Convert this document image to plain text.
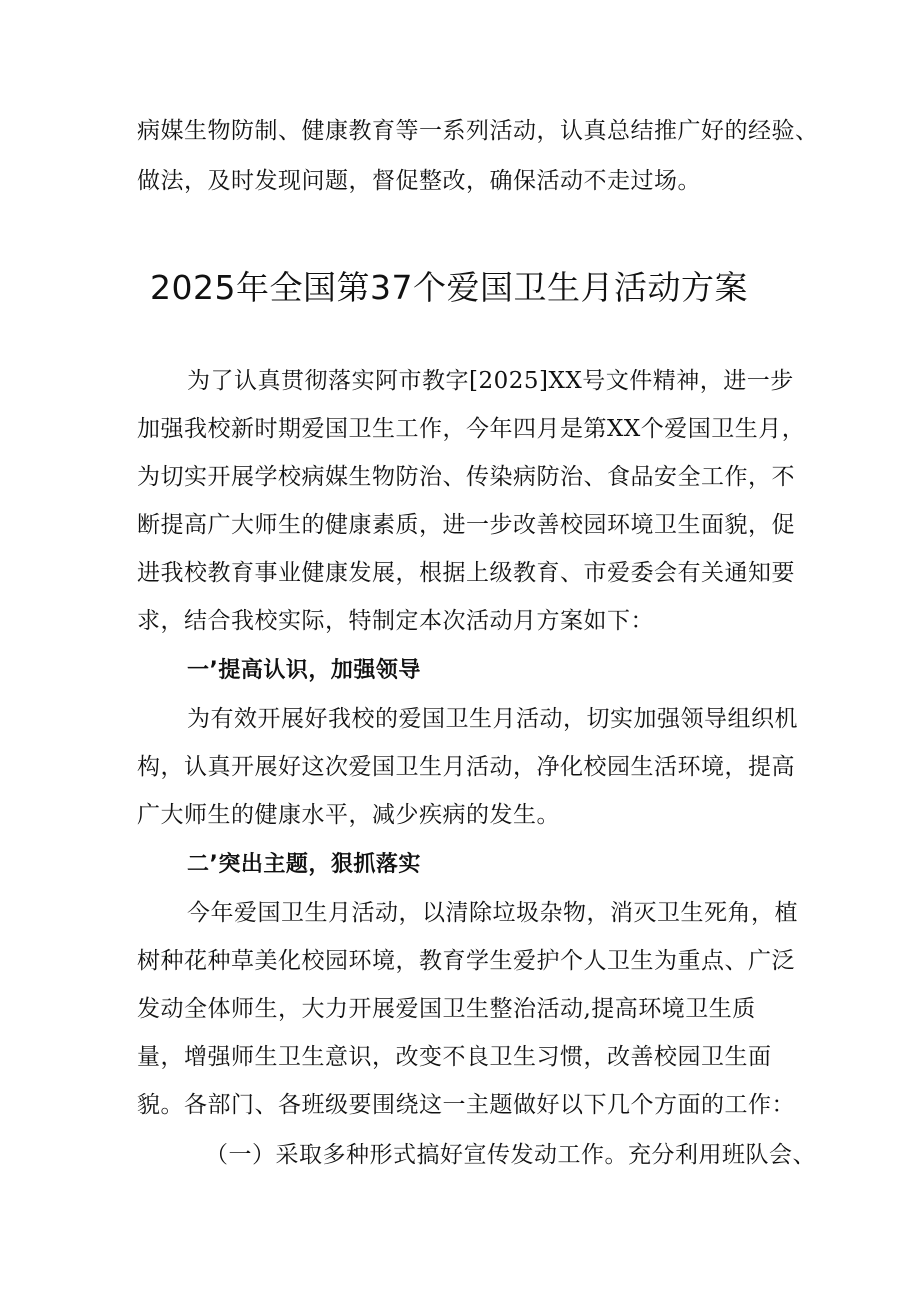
病媒生物防制、健康教育等一系列活动，认真总结推广好的经验、
做法，及时发现问题，督促整改，确保活动不走过场。
2025年全国第37个爱国卫生月活动方案
为了认真贯彻落实阿市教字[2025]XX号文件精神，进一步
加强我校新时期爱国卫生工作，今年四月是第XX个爱国卫生月，
为切实开展学校病媒生物防治、传染病防治、食品安全工作，不
断提高广大师生的健康素质，进一步改善校园环境卫生面貌，促
进我校教育事业健康发展，根据上级教育、市爱委会有关通知要
求，结合我校实际，特制定本次活动月方案如下：
一’提高认识，加强领导
为有效开展好我校的爱国卫生月活动，切实加强领导组织机
构，认真开展好这次爱国卫生月活动，净化校园生活环境，提高
广大师生的健康水平，减少疾病的发生。
二’突出主题，狠抓落实
今年爱国卫生月活动，以清除垃圾杂物，消灭卫生死角，植
树种花种草美化校园环境，教育学生爱护个人卫生为重点、广泛
发动全体师生，大力开展爱国卫生整治活动,提高环境卫生质
量，增强师生卫生意识，改变不良卫生习惯，改善校园卫生面
貌。各部门、各班级要围绕这一主题做好以下几个方面的工作：
（一）采取多种形式搞好宣传发动工作。充分利用班队会、
